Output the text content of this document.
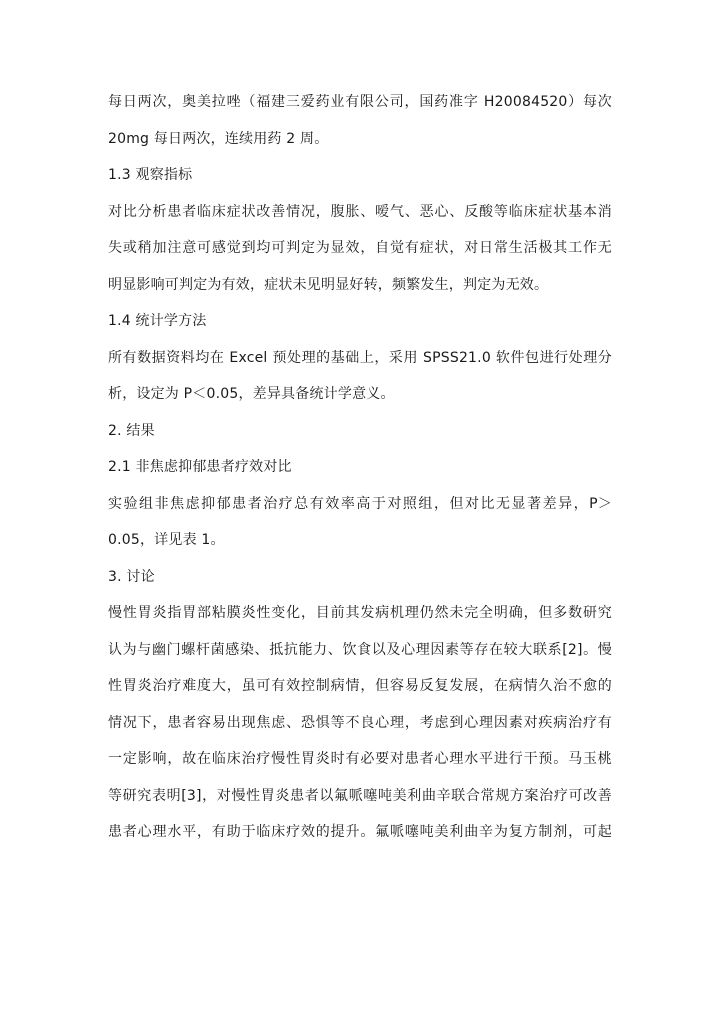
每日两次，奥美拉唑（福建三爱药业有限公司，国药准字 H20084520）每次
20mg 每日两次，连续用药 2 周。
1.3 观察指标
对比分析患者临床症状改善情况，腹胀、嗳气、恶心、反酸等临床症状基本消
失或稍加注意可感觉到均可判定为显效，自觉有症状，对日常生活极其工作无
明显影响可判定为有效，症状未见明显好转，频繁发生，判定为无效。
1.4 统计学方法
所有数据资料均在 Excel 预处理的基础上，采用 SPSS21.0 软件包进行处理分
析，设定为 P＜0.05，差异具备统计学意义。
2. 结果
2.1 非焦虑抑郁患者疗效对比
实验组非焦虑抑郁患者治疗总有效率高于对照组，但对比无显著差异，P＞
0.05，详见表 1。
3. 讨论
慢性胃炎指胃部粘膜炎性变化，目前其发病机理仍然未完全明确，但多数研究
认为与幽门螺杆菌感染、抵抗能力、饮食以及心理因素等存在较大联系[2]。慢
性胃炎治疗难度大，虽可有效控制病情，但容易反复发展，在病情久治不愈的
情况下，患者容易出现焦虑、恐惧等不良心理，考虑到心理因素对疾病治疗有
一定影响，故在临床治疗慢性胃炎时有必要对患者心理水平进行干预。马玉桃
等研究表明[3]，对慢性胃炎患者以氟哌噻吨美利曲辛联合常规方案治疗可改善
患者心理水平，有助于临床疗效的提升。氟哌噻吨美利曲辛为复方制剂，可起
